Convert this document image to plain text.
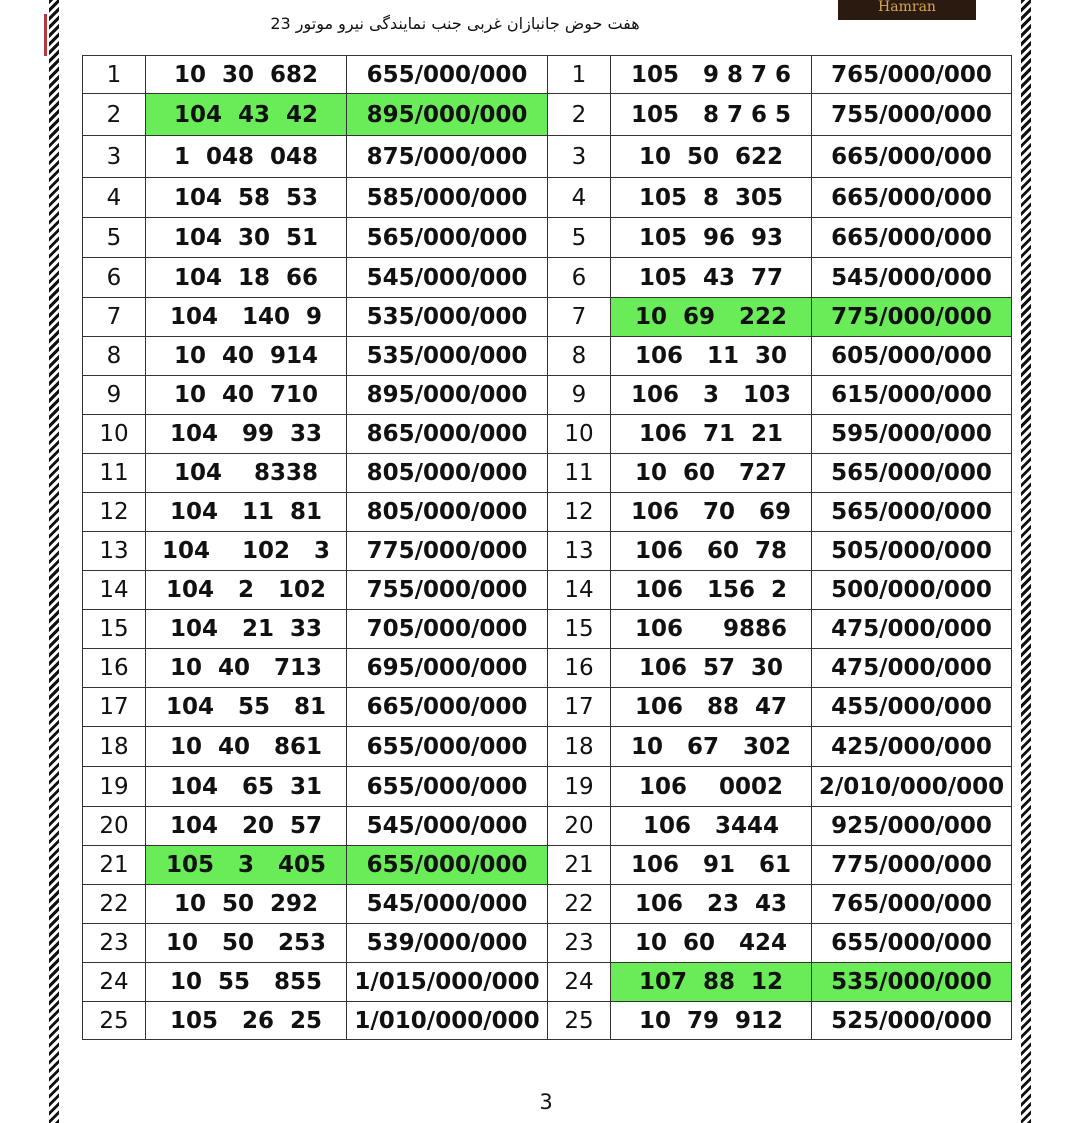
Hamran
هفت حوض جانبازان غربی جنب نمایندگی نیرو موتور 23
1	10  30  682	655/000/000	1	105   9 8 7 6	765/000/000
2	104  43  42	895/000/000	2	105   8 7 6 5	755/000/000
3	1  048  048	875/000/000	3	10  50  622	665/000/000
4	104  58  53	585/000/000	4	105  8  305	665/000/000
5	104  30  51	565/000/000	5	105  96  93	665/000/000
6	104  18  66	545/000/000	6	105  43  77	545/000/000
7	104   140  9	535/000/000	7	10  69   222	775/000/000
8	10  40  914	535/000/000	8	106   11  30	605/000/000
9	10  40  710	895/000/000	9	106   3   103	615/000/000
10	104   99  33	865/000/000	10	106  71  21	595/000/000
11	104    8338	805/000/000	11	10  60   727	565/000/000
12	104   11  81	805/000/000	12	106   70   69	565/000/000
13	104    102   3	775/000/000	13	106   60  78	505/000/000
14	104   2   102	755/000/000	14	106   156  2	500/000/000
15	104   21  33	705/000/000	15	106     9886	475/000/000
16	10  40   713	695/000/000	16	106  57  30	475/000/000
17	104   55   81	665/000/000	17	106   88  47	455/000/000
18	10  40   861	655/000/000	18	10   67   302	425/000/000
19	104   65  31	655/000/000	19	106    0002	2/010/000/000
20	104   20  57	545/000/000	20	106   3444	925/000/000
21	105   3   405	655/000/000	21	106   91   61	775/000/000
22	10  50  292	545/000/000	22	106   23  43	765/000/000
23	10   50   253	539/000/000	23	10  60   424	655/000/000
24	10  55   855	1/015/000/000	24	107  88  12	535/000/000
25	105   26  25	1/010/000/000	25	10  79  912	525/000/000
3
